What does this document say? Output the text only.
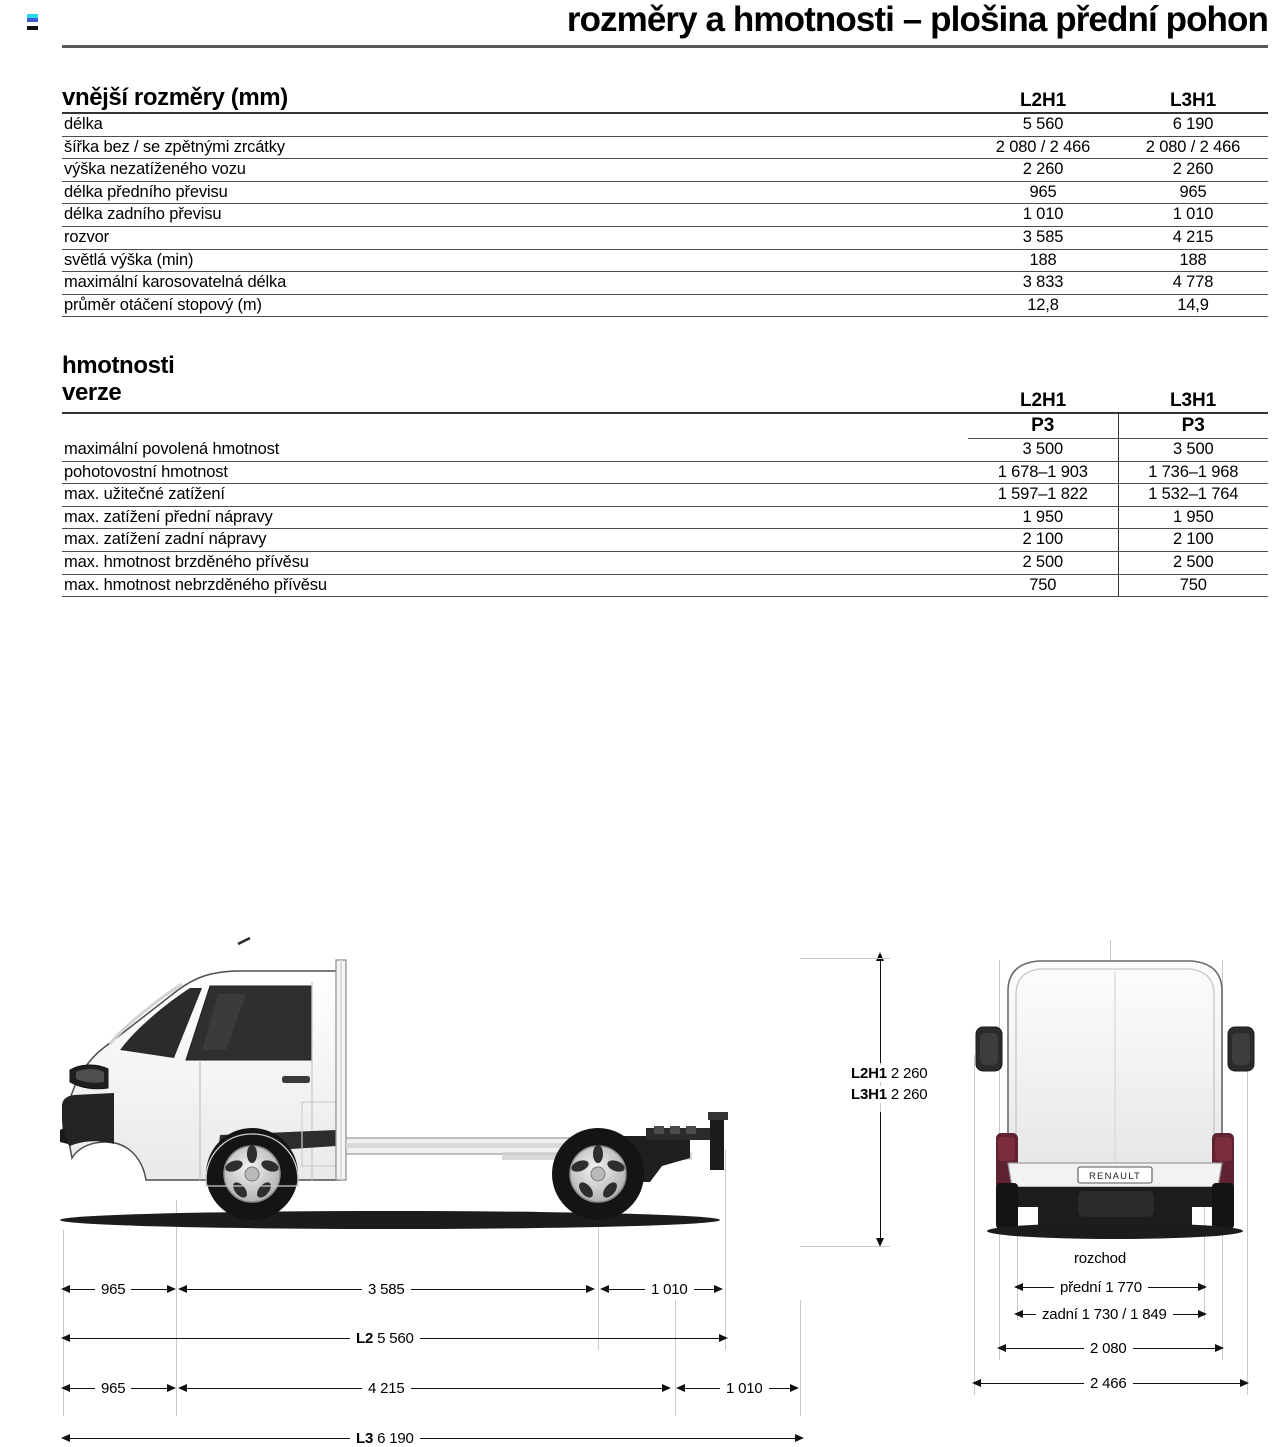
rozměry a hmotnosti – plošina přední pohon
vnější rozměry (mm)	L2H1	L3H1

délka	5 560	6 190
šířka bez / se zpětnými zrcátky	2 080 / 2 466	2 080 / 2 466
výška nezatíženého vozu	2 260	2 260
délka předního převisu	965	965
délka zadního převisu	1 010	1 010
rozvor	3 585	4 215
světlá výška (min)	188	188
maximální karosovatelná délka	3 833	4 778
průměr otáčení stopový (m)	12,8	14,9
hmotnosti
verze		

	L2H1	L3H1

	P3	P3
maximální povolená hmotnost	3 500	3 500
pohotovostní hmotnost	1 678–1 903	1 736–1 968
max. užitečné zatížení	1 597–1 822	1 532–1 764
max. zatížení přední nápravy	1 950	1 950
max. zatížení zadní nápravy	2 100	2 100
max. hmotnost brzděného přívěsu	2 500	2 500
max. hmotnost nebrzděného přívěsu	750	750
L2H1 2 260
L3H1 2 260
965	3 585	1 010
L2 5 560
965	4 215	1 010
L3 6 190
RENAULT
rozchod
přední 1 770
zadní 1 730 / 1 849
2 080
2 466
